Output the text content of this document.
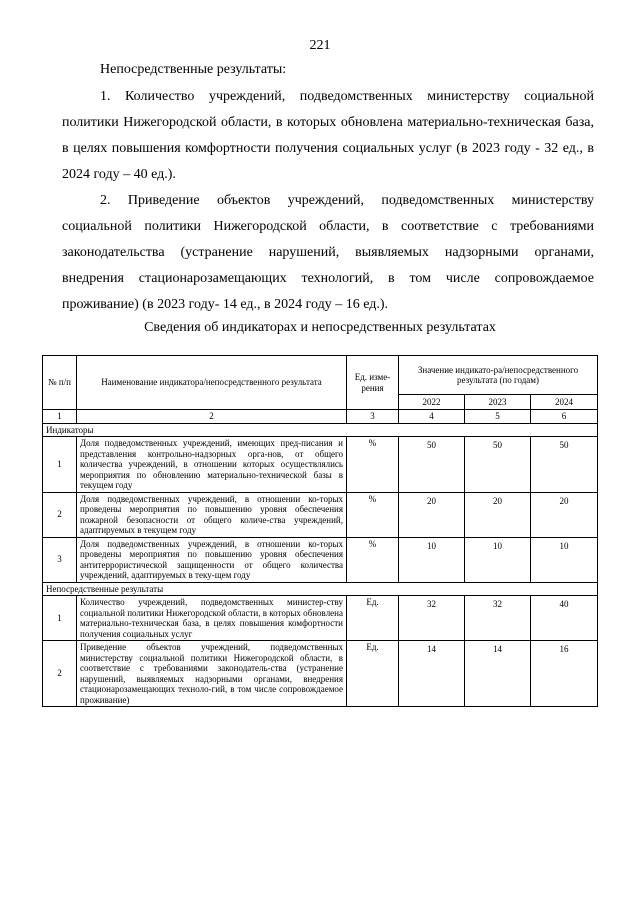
221
Непосредственные результаты:
1. Количество учреждений, подведомственных министерству социальной политики Нижегородской области, в которых обновлена материально-техническая база, в целях повышения комфортности получения социальных услуг (в 2023 году - 32 ед., в 2024 году – 40 ед.).
2. Приведение объектов учреждений, подведомственных министерству социальной политики Нижегородской области, в соответствие с требованиями законодательства (устранение нарушений, выявляемых надзорными органами, внедрения стационарозамещающих технологий, в том числе сопровождаемое проживание) (в 2023 году- 14 ед., в 2024 году – 16 ед.).
Сведения об индикаторах и непосредственных результатах
№ п/п	Наименование индикатора/непосредственного результата	Ед. изме-рения	Значение индикато-ра/непосредственного результата (по годам)		
			2022	2023	2024
1	2	3	4	5	6
Индикаторы					
1	Доля подведомственных учреждений, имеющих пред-писания и представления контрольно-надзорных орга-нов, от общего количества учреждений, в отношении которых осуществлялись мероприятия по обновлению материально-технической базы в текущем году	%	50	50	50
2	Доля подведомственных учреждений, в отношении ко-торых проведены мероприятия по повышению уровня обеспечения пожарной безопасности от общего количе-ства учреждений, адаптируемых в текущем году	%	20	20	20
3	Доля подведомственных учреждений, в отношении ко-торых проведены мероприятия по повышению уровня обеспечения антитеррористической защищенности от общего количества учреждений, адаптируемых в теку-щем году	%	10	10	10
Непосредственные результаты					
1	Количество учреждений, подведомственных министер-ству социальной политики Нижегородской области, в которых обновлена материально-техническая база, в целях повышения комфортности получения социальных услуг	Ед.	32	32	40
2	Приведение объектов учреждений, подведомственных министерству социальной политики Нижегородской области, в соответствие с требованиями законодатель-ства (устранение нарушений, выявляемых надзорными органами, внедрения стационарозамещающих техноло-гий, в том числе сопровождаемое проживание)	Ед.	14	14	16
